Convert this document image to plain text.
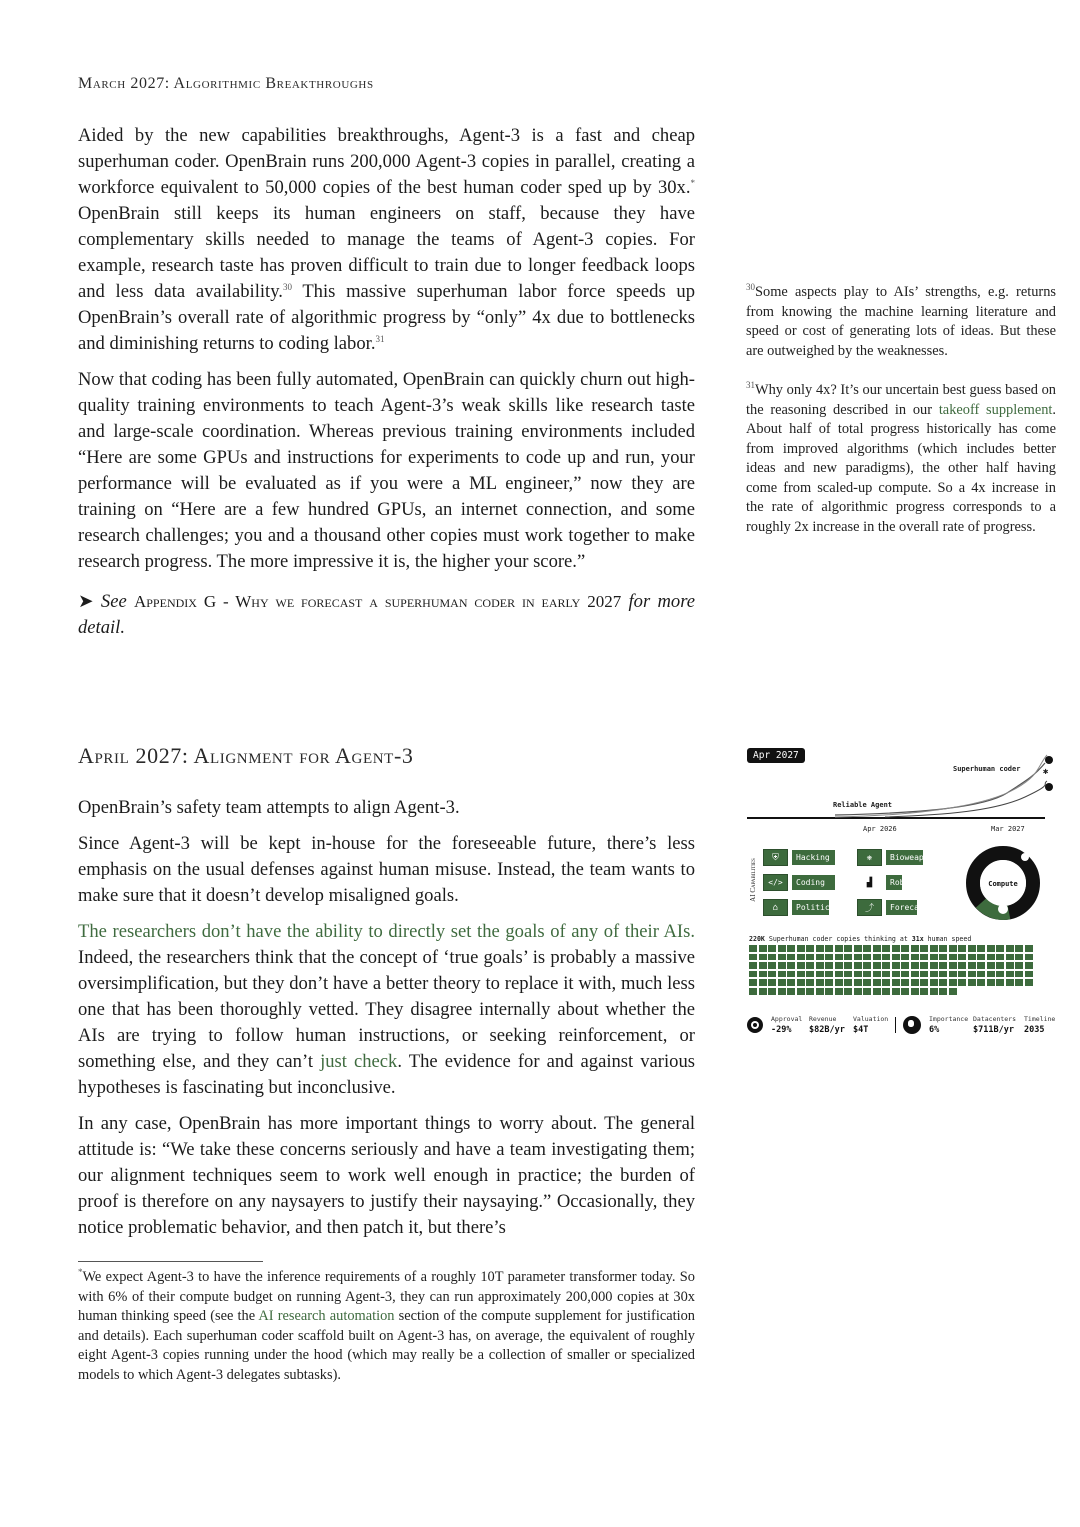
March 2027: Algorithmic Breakthroughs

Aided by the new capabilities breakthroughs, Agent-3 is a fast and cheap superhuman coder. OpenBrain runs 200,000 Agent-3 copies in parallel, creating a workforce equivalent to 50,000 copies of the best human coder sped up by 30x.* OpenBrain still keeps its human engineers on staff, because they have complementary skills needed to manage the teams of Agent-3 copies. For example, research taste has proven difficult to train due to longer feedback loops and less data availability.$^{30}$ This massive superhuman labor force speeds up OpenBrain’s overall rate of algorithmic progress by “only” 4x due to bottlenecks and diminishing returns to coding labor.$^{31}$

Now that coding has been fully automated, OpenBrain can quickly churn out high-quality training environments to teach Agent-3’s weak skills like research taste and large-scale coordination. Whereas previous training environments included “Here are some GPUs and instructions for experiments to code up and run, your performance will be evaluated as if you were a ML engineer,” now they are training on “Here are a few hundred GPUs, an internet connection, and some research challenges; you and a thousand other copies must work together to make research progress. The more impressive it is, the higher your score.”

➤ See Appendix G - Why we forecast a superhuman coder in early 2027 for more detail.

$^{30}$Some aspects play to AIs’ strengths, e.g. returns from knowing the machine learning literature and speed or cost of generating lots of ideas. But these are outweighed by the weaknesses.

$^{31}$Why only 4x? It’s our uncertain best guess based on the reasoning described in our takeoff supplement. About half of total progress historically has come from improved algorithms (which includes better ideas and new paradigms), the other half having come from scaled-up compute. So a 4x increase in the rate of algorithmic progress corresponds to a roughly 2x increase in the overall rate of progress.

April 2027: Alignment for Agent-3

OpenBrain’s safety team attempts to align Agent-3.

Since Agent-3 will be kept in-house for the foreseeable future, there’s less emphasis on the usual defenses against human misuse. Instead, the team wants to make sure that it doesn’t develop misaligned goals.

The researchers don’t have the ability to directly set the goals of any of their AIs. Indeed, the researchers think that the concept of ‘true goals’ is probably a massive oversimplification, but they don’t have a better theory to replace it with, much less one that has been thoroughly vetted. They disagree internally about whether the AIs are trying to follow human instructions, or seeking reinforcement, or something else, and they can’t just check. The evidence for and against various hypotheses is fascinating but inconclusive.

In any case, OpenBrain has more important things to worry about. The general attitude is: “We take these concerns seriously and have a team investigating them; our alignment techniques seem to work well enough in practice; the burden of proof is therefore on any naysayers to justify their naysaying.” Occasionally, they notice problematic behavior, and then patch it, but there’s

*We expect Agent-3 to have the inference requirements of a roughly 10T parameter transformer today. So with 6% of their compute budget on running Agent-3, they can run approximately 200,000 copies at 30x human thinking speed (see the AI research automation section of the compute supplement for justification and details). Each superhuman coder scaffold built on Agent-3 has, on average, the equivalent of roughly eight Agent-3 copies running under the hood (which may really be a collection of smaller or specialized models to which Agent-3 delegates subtasks).
Apr 2027
✱
Superhuman coder
Reliable Agent
Apr 2026	Mar 2027
AI Capabilities
⛨	Hacking
</>	Coding
⌂	Politics
❋	Bioweapons
▟	Robotics
⤴	Forecasting
Compute
220K Superhuman coder copies thinking at 31x human speed
Approval
-29%
Revenue
$82B/yr
Valuation
$4T
Importance
6%
Datacenters
$711B/yr
Timeline
2035
